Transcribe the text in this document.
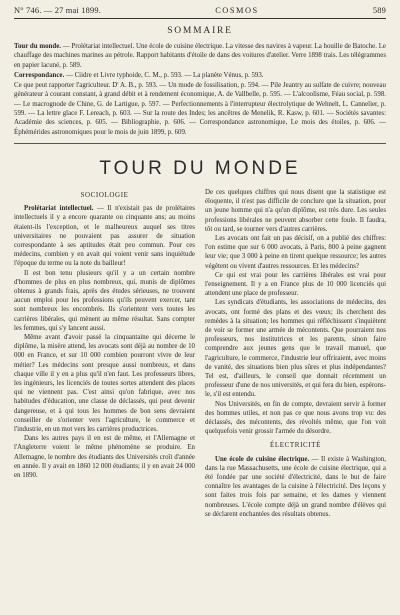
N° 746. — 27 mai 1899.	COSMOS	589
SOMMAIRE

Tour du monde. — Prolétariat intellectuel. Une école de cuisine électrique. La vitesse des navires à vapeur. La houille de Batoche. Le chauffage des machines marines au pétrole. Rapport habitants d'étoile de dans des voitures d'atelier. Verre 1898 trais. Les télégrammes en papier lacuné, p. 589.

Correspondance. — Ciidre et Livre typhoide, C. M., p. 593. — La planète Vénus, p. 593.

Ce que peut rapporter l'agriculteur. D' A. B., p. 593. — Un mode de fossilisation, p. 594. — Pile Jeantry au sulfate de cuivre; nouveau générateur à courant constant, à grand débit et à rendement économique, A. de Vallbelle, p. 595. — L'alcoolisme, Féau social, p. 598. — Le macrognode de Chine, G. de Lartigue, p. 597. — Perfectionnements à l'interrupteur électrolytique de Wehnelt, L. Cannelier, p. 599. — La lettre glace F. Lereach, p. 603. — Sur la route des Indes; les ancêtres de Menelik, R. Kasw, p. 601. — Sociétés savantes: Académie des sciences, p. 605. — Bibliographie, p. 606. — Correspondance astronomique, Le mois des étoiles, p. 606. — Éphémérides astronomiques pour le mois de juin 1899, p. 609.

TOUR DU MONDE
SOCIOLOGIE

Prolétariat intellectuel. — Il n'existait pas de prolétaires intellectuels il y a encore quarante ou cinquante ans; au moins étaient-ils l'exception, et le malheureux auquel ses titres universitaires ne pouvaient pas assurer de situation correspondante à ses aptitudes était peu commun. Pour ces médecins, combien y en avait qui voient venir sans inquiétude l'époque du terme ou la note du bailleur!

Il est bon tenu plusieurs qu'il y a un certain nombre d'hommes de plus en plus nombreux, qui, munis de diplômes obtenus à grands frais, après des études sérieuses, ne trouvent aucun emploi pour les professions qu'ils peuvent exercer, tant sont nombreux les encombrés. Ils s'orientent vers toutes les carrières libérales, qui mènent au même résultat. Sans compter les femmes, qui s'y lancent aussi.

Même avant d'avoir passé la cinquantaine qui décerne le diplôme, la misère attend, les avocats sont déjà au nombre de 10 000 en France, et sur 10 000 combien pourront vivre de leur métier? Les médecins sont presque aussi nombreux, et dans chaque ville il y en a plus qu'il n'en faut. Les professeurs libres, les ingénieurs, les licenciés de toutes sortes attendent des places qui ne viennent pas. C'est ainsi qu'on fabrique, avec nos habitudes d'éducation, une classe de déclassés, qui peut devenir dangereuse, et à qui tous les hommes de bon sens devraient conseiller de s'orienter vers l'agriculture, le commerce et l'industrie, en un mot vers les carrières productrices.

Dans les autres pays il en est de même, et l'Allemagne et l'Angleterre voient le même phénomène se produire. En Allemagne, le nombre des étudiants des Universités croît d'année en année. Il y avait en 1860 12 000 étudiants; il y en avait 24 000 en 1890.

De ces quelques chiffres qui nous disent que la statistique est éloquente, il n'est pas difficile de conclure que la situation, pour un jeune homme qui n'a qu'un diplôme, est très dure. Les seules professions libérales ne peuvent absorber cette foule. Il faudra, tôt ou tard, se tourner vers d'autres carrières.

Les avocats ont fait un pas décisif, on a publié des chiffres: l'on estime que sur 6 000 avocats, à Paris, 800 à peine gagnent leur vie; que 3 000 à peine en tirent quelque ressource; les autres végètent ou vivent d'autres ressources. Et les médecins?

Ce qui est vrai pour les carrières libérales est vrai pour l'enseignement. Il y a en France plus de 10 000 licenciés qui attendent une place de professeur.

Les syndicats d'étudiants, les associations de médecins, des avocats, ont formé des plans et des vœux; ils cherchent des remèdes à la situation; les hommes qui réfléchissent s'inquiètent de voir se former une armée de mécontents. Que pourraient nos professeurs, nos institutrices et les parents, sinon faire comprendre aux jeunes gens que le travail manuel, que l'agriculture, le commerce, l'industrie leur offriraient, avec moins de vanité, des situations bien plus sûres et plus indépendantes? Tel est, d'ailleurs, le conseil que donnait récemment un professeur d'une de nos universités, et qui fera du bien, espérons-le, s'il est entendu.

Nos Universités, en fin de compte, devraient servir à former des hommes utiles, et non pas ce que nous avons trop vu: des déclassés, des mécontents, des révoltés même, que l'on voit quelquefois venir grossir l'armée du désordre.

ÉLECTRICITÉ

Une école de cuisine électrique. — Il existe à Washington, dans la rue Massachusetts, une école de cuisine électrique, qui a été fondée par une société d'électricité, dans le but de faire connaître les avantages de la cuisine à l'électricité. Des leçons y sont faites trois fois par semaine, et les dames y viennent nombreuses. L'école compte déjà un grand nombre d'élèves qui se déclarent enchantées des résultats obtenus.
